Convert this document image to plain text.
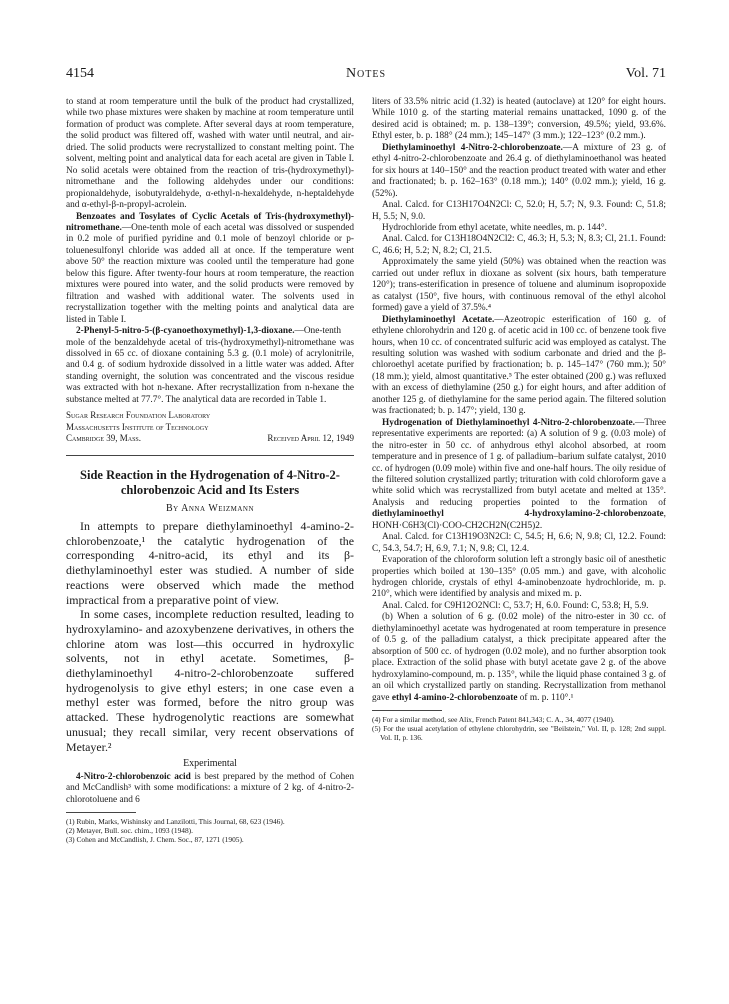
4154	Notes	Vol. 71

to stand at room temperature until the bulk of the product had crystallized, while two phase mixtures were shaken by machine at room temperature until formation of product was complete. After several days at room temperature, the solid product was filtered off, washed with water until neutral, and air-dried. The solid products were recrystallized to constant melting point. The solvent, melting point and analytical data for each acetal are given in Table I. No solid acetals were obtained from the reaction of tris-(hydroxymethyl)-nitromethane and the following aldehydes under our conditions: propionaldehyde, isobutyraldehyde, α-ethyl-n-hexaldehyde, n-heptaldehyde and α-ethyl-β-n-propyl-acrolein.

Benzoates and Tosylates of Cyclic Acetals of Tris-(hydroxymethyl)-nitromethane.—One-tenth mole of each acetal was dissolved or suspended in 0.2 mole of purified pyridine and 0.1 mole of benzoyl chloride or p-toluenesulfonyl chloride was added all at once. If the temperature went above 50° the reaction mixture was cooled until the temperature had gone below this figure. After twenty-four hours at room temperature, the reaction mixtures were poured into water, and the solid products were removed by filtration and washed with additional water. The solvents used in recrystallization together with the melting points and analytical data are listed in Table I.

2-Phenyl-5-nitro-5-(β-cyanoethoxymethyl)-1,3-dioxane.—One-tenth mole of the benzaldehyde acetal of tris-(hydroxymethyl)-nitromethane was dissolved in 65 cc. of dioxane containing 5.3 g. (0.1 mole) of acrylonitrile, and 0.4 g. of sodium hydroxide dissolved in a little water was added. After standing overnight, the solution was concentrated and the viscous residue was extracted with hot n-hexane. After recrystallization from n-hexane the substance melted at 77.7°. The analytical data are recorded in Table 1.

Sugar Research Foundation Laboratory
Massachusetts Institute of Technology
Cambridge 39, Mass.	Received April 12, 1949
Side Reaction in the Hydrogenation of 4-Nitro-2-chlorobenzoic Acid and Its Esters
By Anna Weizmann

In attempts to prepare diethylaminoethyl 4-amino-2-chlorobenzoate,¹ the catalytic hydrogenation of the corresponding 4-nitro-acid, its ethyl and its β-diethylaminoethyl ester was studied. A number of side reactions were observed which made the method impractical from a preparative point of view.

In some cases, incomplete reduction resulted, leading to hydroxylamino- and azoxybenzene derivatives, in others the chlorine atom was lost—this occurred in hydroxylic solvents, not in ethyl acetate. Sometimes, β-diethylaminoethyl 4-nitro-2-chlorobenzoate suffered hydrogenolysis to give ethyl esters; in one case even a methyl ester was formed, before the nitro group was attacked. These hydrogenolytic reactions are somewhat unusual; they recall similar, very recent observations of Metayer.²

Experimental

4-Nitro-2-chlorobenzoic acid is best prepared by the method of Cohen and McCandlish³ with some modifications: a mixture of 2 kg. of 4-nitro-2-chlorotoluene and 6

(1) Rubin, Marks, Wishinsky and Lanzilotti, This Journal, 68, 623 (1946).
(2) Metayer, Bull. soc. chim., 1093 (1948).
(3) Cohen and McCandlish, J. Chem. Soc., 87, 1271 (1905).

liters of 33.5% nitric acid (1.32) is heated (autoclave) at 120° for eight hours. While 1010 g. of the starting material remains unattacked, 1090 g. of the desired acid is obtained; m. p. 138–139°; conversion, 49.5%; yield, 93.6%. Ethyl ester, b. p. 188° (24 mm.); 145–147° (3 mm.); 122–123° (0.2 mm.).

Diethylaminoethyl 4-Nitro-2-chlorobenzoate.—A mixture of 23 g. of ethyl 4-nitro-2-chlorobenzoate and 26.4 g. of diethylaminoethanol was heated for six hours at 140–150° and the reaction product treated with water and ether and fractionated; b. p. 162–163° (0.18 mm.); 140° (0.02 mm.); yield, 16 g. (52%).

Anal. Calcd. for C13H17O4N2Cl: C, 52.0; H, 5.7; N, 9.3. Found: C, 51.8; H, 5.5; N, 9.0.

Hydrochloride from ethyl acetate, white needles, m. p. 144°.

Anal. Calcd. for C13H18O4N2Cl2: C, 46.3; H, 5.3; N, 8.3; Cl, 21.1. Found: C, 46.6; H, 5.2; N, 8.2; Cl, 21.5.

Approximately the same yield (50%) was obtained when the reaction was carried out under reflux in dioxane as solvent (six hours, bath temperature 120°); trans-esterification in presence of toluene and aluminum isopropoxide as catalyst (150°, five hours, with continuous removal of the ethyl alcohol formed) gave a yield of 37.5%.⁴

Diethylaminoethyl Acetate.—Azeotropic esterification of 160 g. of ethylene chlorohydrin and 120 g. of acetic acid in 100 cc. of benzene took five hours, when 10 cc. of concentrated sulfuric acid was employed as catalyst. The resulting solution was washed with sodium carbonate and dried and the β-chloroethyl acetate purified by fractionation; b. p. 145–147° (760 mm.); 50° (18 mm.); yield, almost quantitative.⁵ The ester obtained (200 g.) was refluxed with an excess of diethylamine (250 g.) for eight hours, and after addition of another 125 g. of diethylamine for the same period again. The filtered solution was fractionated; b. p. 147°; yield, 130 g.

Hydrogenation of Diethylaminoethyl 4-Nitro-2-chlorobenzoate.—Three representative experiments are reported: (a) A solution of 9 g. (0.03 mole) of the nitro-ester in 50 cc. of anhydrous ethyl alcohol absorbed, at room temperature and in presence of 1 g. of palladium–barium sulfate catalyst, 2010 cc. of hydrogen (0.09 mole) within five and one-half hours. The oily residue of the filtered solution crystallized partly; trituration with cold chloroform gave a white solid which was recrystallized from butyl acetate and melted at 135°. Analysis and reducing properties pointed to the formation of diethylaminoethyl 4-hydroxylamino-2-chlorobenzoate, HONH·C6H3(Cl)·COO-CH2CH2N(C2H5)2.

Anal. Calcd. for C13H19O3N2Cl: C, 54.5; H, 6.6; N, 9.8; Cl, 12.2. Found: C, 54.3, 54.7; H, 6.9, 7.1; N, 9.8; Cl, 12.4.

Evaporation of the chloroform solution left a strongly basic oil of anesthetic properties which boiled at 130–135° (0.05 mm.) and gave, with alcoholic hydrogen chloride, crystals of ethyl 4-aminobenzoate hydrochloride, m. p. 210°, which were identified by analysis and mixed m. p.

Anal. Calcd. for C9H12O2NCl: C, 53.7; H, 6.0. Found: C, 53.8; H, 5.9.

(b) When a solution of 6 g. (0.02 mole) of the nitro-ester in 30 cc. of diethylaminoethyl acetate was hydrogenated at room temperature in presence of 0.5 g. of the palladium catalyst, a thick precipitate appeared after the absorption of 500 cc. of hydrogen (0.02 mole), and no further absorption took place. Extraction of the solid phase with butyl acetate gave 2 g. of the above hydroxylamino-compound, m. p. 135°, while the liquid phase contained 3 g. of an oil which crystallized partly on standing. Recrystallization from methanol gave ethyl 4-amino-2-chlorobenzoate of m. p. 110°.¹

(4) For a similar method, see Alix, French Patent 841,343; C. A., 34, 4077 (1940).
(5) For the usual acetylation of ethylene chlorohydrin, see "Beilstein," Vol. II, p. 128; 2nd suppl. Vol. II, p. 136.
